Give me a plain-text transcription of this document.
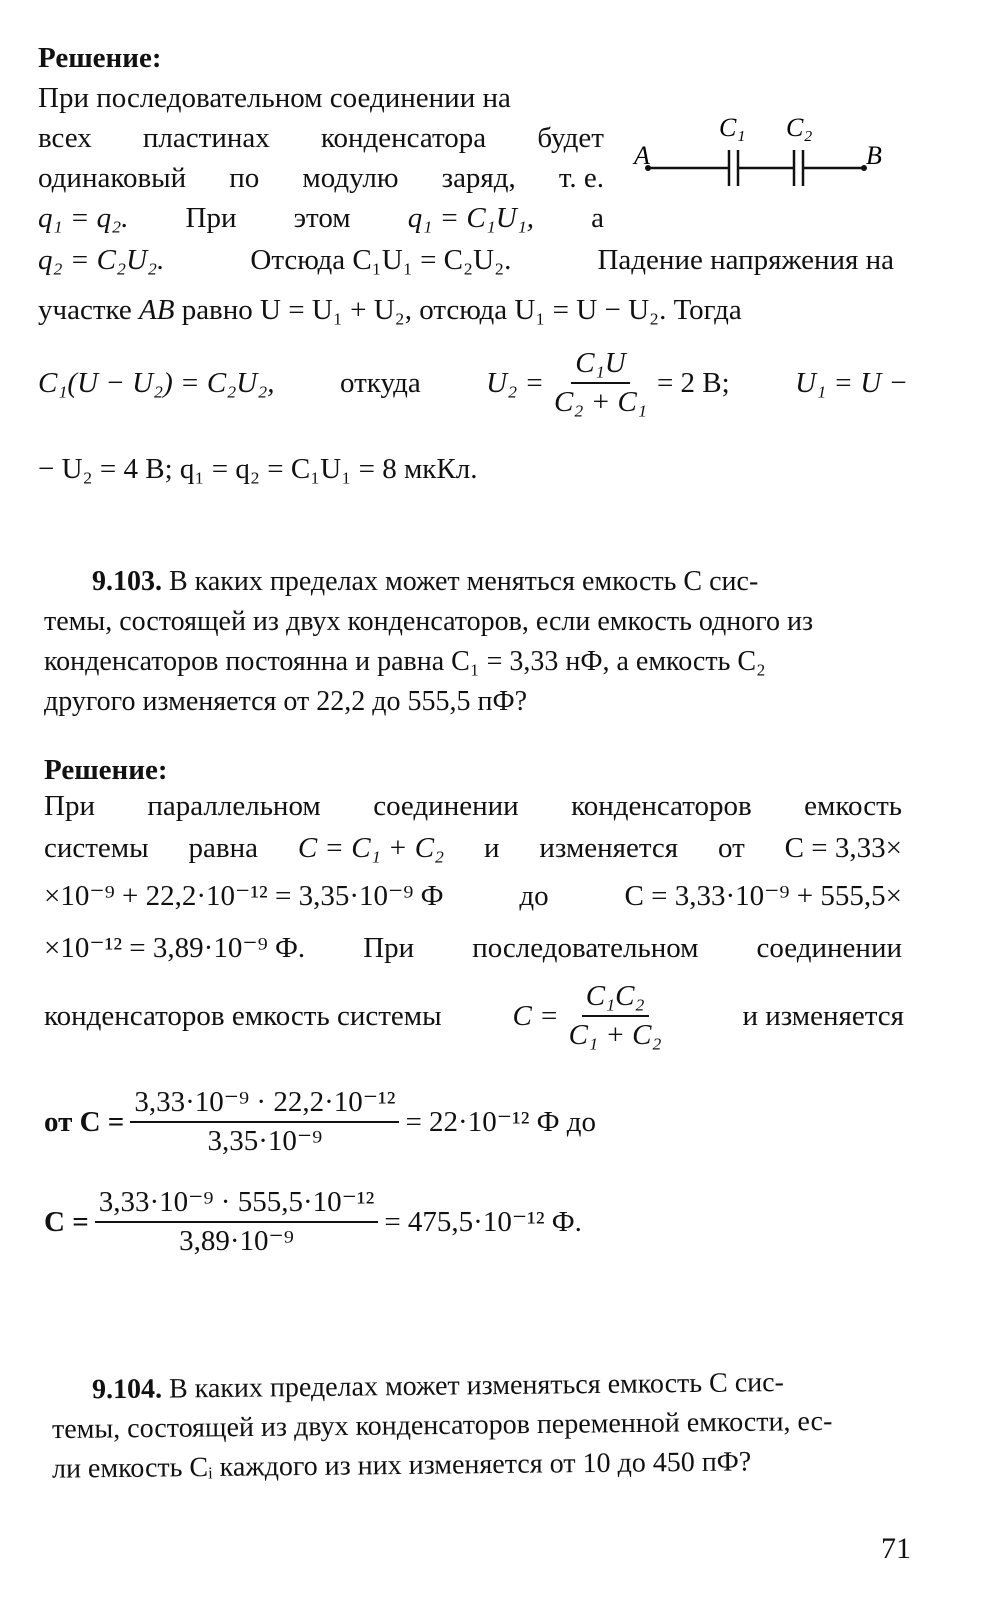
Решение:
При последовательном соединении на
всех пластинах конденсатора будет
одинаковый по модулю заряд, т. е.
q₁ = q₂. При этом q₁ = C₁U₁, а
A	B
C₁ C₂
q₂ = C₂U₂.	Отсюда C₁U₁ = C₂U₂.	Падение напряжения на
участке AB равно U = U₁ + U₂, отсюда U₁ = U − U₂. Тогда
C₁(U − U₂) = C₂U₂, откуда $U_2 = \frac{\text{C₁U}}{\text{C₂ + C₁}} = 2$ В; U₁ = U −
− U₂ = 4 В; q₁ = q₂ = C₁U₁ = 8 мкКл.
9.103. В каких пределах может меняться емкость C сис-
темы, состоящей из двух конденсаторов, если емкость одного из
конденсаторов постоянна и равна C₁ = 3,33 нФ, а емкость C₂
другого изменяется от 22,2 до 555,5 пФ?
Решение:
При параллельном соединении конденсаторов емкость
системы равна C = C₁ + C₂ и изменяется от C = 3,33×
×10⁻⁹ + 22,2·10⁻¹² = 3,35·10⁻⁹ Ф	до	C = 3,33·10⁻⁹ + 555,5×
×10⁻¹² = 3,89·10⁻⁹ Ф. При последовательном соединении
конденсаторов емкость системы $C = \frac{\text{C₁C₂}}{\text{C₁ + C₂}}$	и изменяется
от $C = \frac{\text{3,33·10⁻⁹ · 22,2·10⁻¹²}}{\text{3,35·10⁻⁹}} = 22\cdot 10^{-12}$ Ф до
$C = \frac{\text{3,33·10⁻⁹ · 555,5·10⁻¹²}}{\text{3,89·10⁻⁹}} = 475,5\cdot 10^{-12}$ Ф.
9.104. В каких пределах может изменяться емкость C сис-
темы, состоящей из двух конденсаторов переменной емкости, ес-
ли емкость Cᵢ каждого из них изменяется от 10 до 450 пФ?
71
